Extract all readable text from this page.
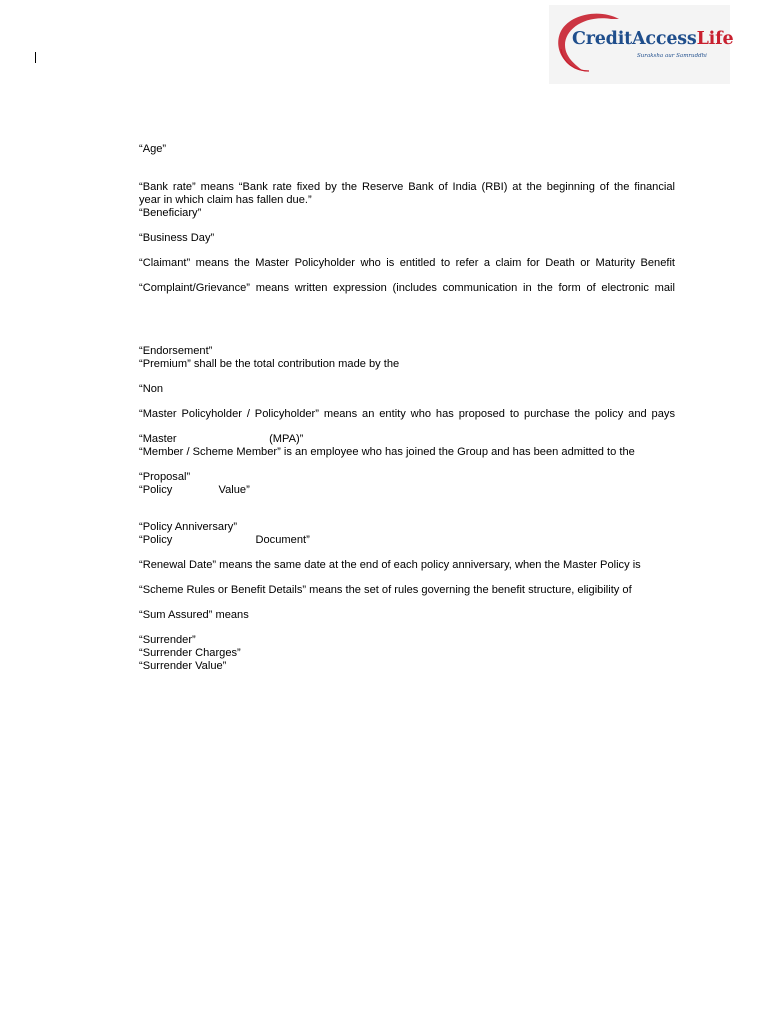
CreditAccessLife
Suraksha aur Samruddhi

“Age”

“Bank rate” means “Bank rate fixed by the Reserve Bank of India (RBI) at the beginning of the financial

year in which claim has fallen due.”

“Beneficiary”

“Business Day”

“Claimant” means the Master Policyholder who is entitled to refer a claim for Death or Maturity Benefit

“Complaint/Grievance” means written expression (includes communication in the form of electronic mail

“Endorsement”

“Premium” shall be the total contribution made by the

“Non

“Master Policyholder / Policyholder” means an entity who has proposed to purchase the policy and pays

“Master                              (MPA)”

“Member / Scheme Member” is an employee who has joined the Group and has been admitted to the

“Proposal”

“Policy               Value”

“Policy Anniversary”

“Policy                           Document”

“Renewal Date” means the same date at the end of each policy anniversary, when the Master Policy is

“Scheme Rules or Benefit Details” means the set of rules governing the benefit structure, eligibility of

“Sum Assured” means

“Surrender”

“Surrender Charges”

“Surrender Value”
